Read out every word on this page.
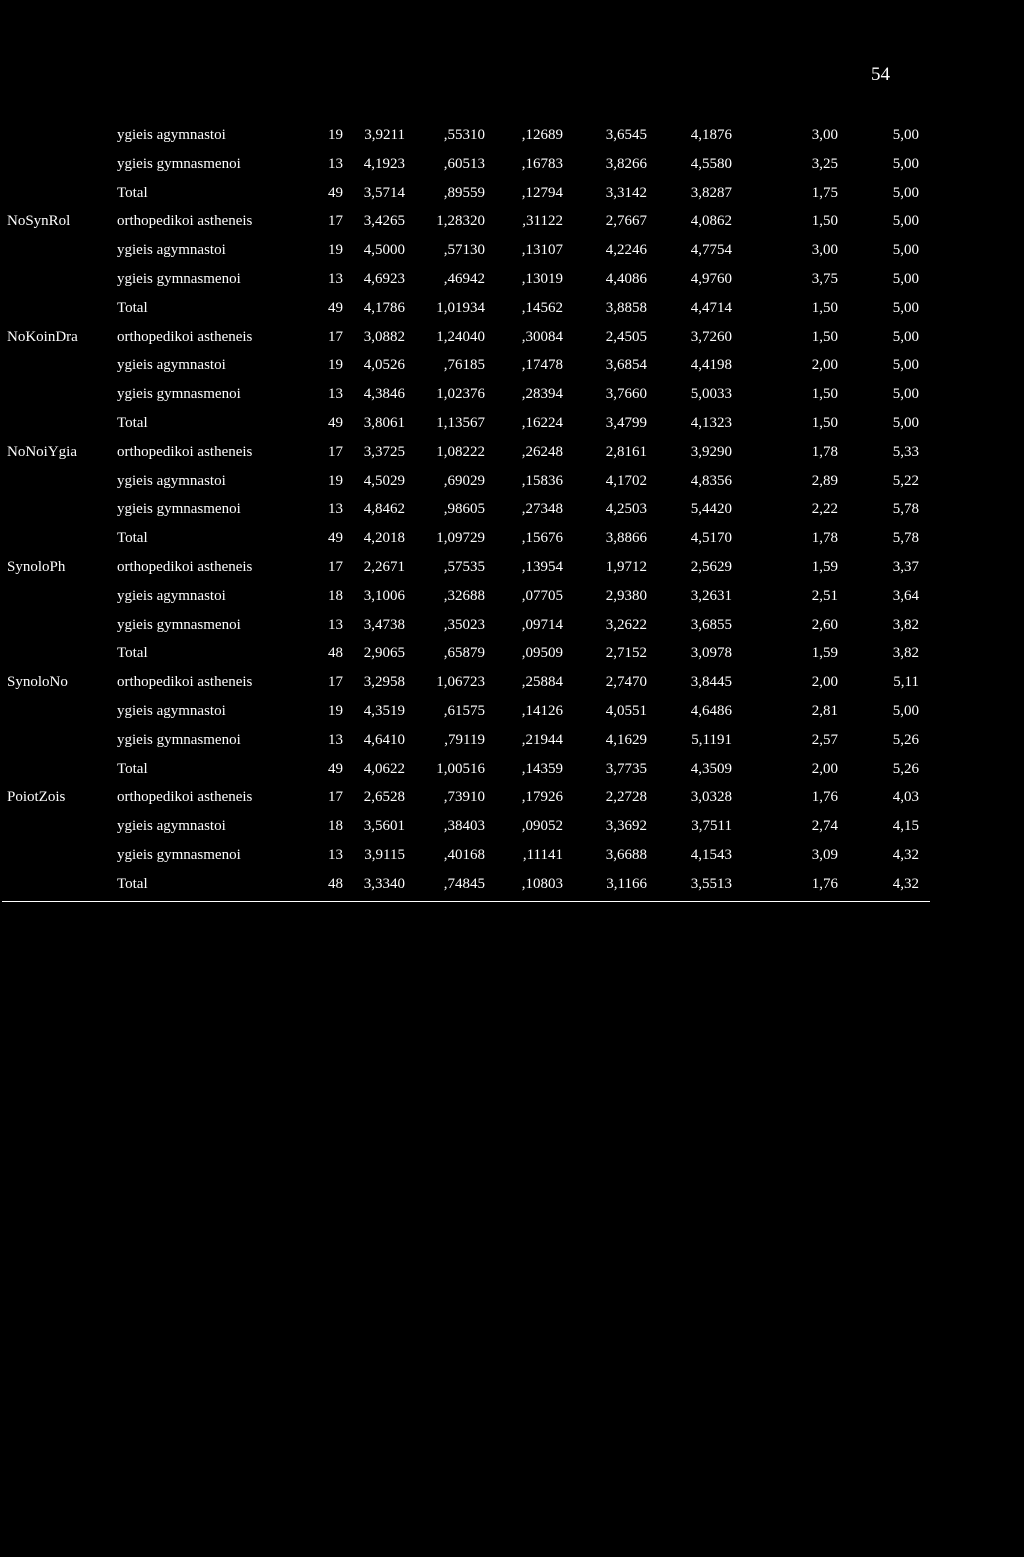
54
ygieis agymnastoi	19	3,9211	,55310	,12689	3,6545	4,1876	3,00	5,00
ygieis gymnasmenoi	13	4,1923	,60513	,16783	3,8266	4,5580	3,25	5,00
Total	49	3,5714	,89559	,12794	3,3142	3,8287	1,75	5,00
NoSynRol	orthopedikoi astheneis	17	3,4265	1,28320	,31122	2,7667	4,0862	1,50	5,00
ygieis agymnastoi	19	4,5000	,57130	,13107	4,2246	4,7754	3,00	5,00
ygieis gymnasmenoi	13	4,6923	,46942	,13019	4,4086	4,9760	3,75	5,00
Total	49	4,1786	1,01934	,14562	3,8858	4,4714	1,50	5,00
NoKoinDra	orthopedikoi astheneis	17	3,0882	1,24040	,30084	2,4505	3,7260	1,50	5,00
ygieis agymnastoi	19	4,0526	,76185	,17478	3,6854	4,4198	2,00	5,00
ygieis gymnasmenoi	13	4,3846	1,02376	,28394	3,7660	5,0033	1,50	5,00
Total	49	3,8061	1,13567	,16224	3,4799	4,1323	1,50	5,00
NoNoiYgia	orthopedikoi astheneis	17	3,3725	1,08222	,26248	2,8161	3,9290	1,78	5,33
ygieis agymnastoi	19	4,5029	,69029	,15836	4,1702	4,8356	2,89	5,22
ygieis gymnasmenoi	13	4,8462	,98605	,27348	4,2503	5,4420	2,22	5,78
Total	49	4,2018	1,09729	,15676	3,8866	4,5170	1,78	5,78
SynoloPh	orthopedikoi astheneis	17	2,2671	,57535	,13954	1,9712	2,5629	1,59	3,37
ygieis agymnastoi	18	3,1006	,32688	,07705	2,9380	3,2631	2,51	3,64
ygieis gymnasmenoi	13	3,4738	,35023	,09714	3,2622	3,6855	2,60	3,82
Total	48	2,9065	,65879	,09509	2,7152	3,0978	1,59	3,82
SynoloNo	orthopedikoi astheneis	17	3,2958	1,06723	,25884	2,7470	3,8445	2,00	5,11
ygieis agymnastoi	19	4,3519	,61575	,14126	4,0551	4,6486	2,81	5,00
ygieis gymnasmenoi	13	4,6410	,79119	,21944	4,1629	5,1191	2,57	5,26
Total	49	4,0622	1,00516	,14359	3,7735	4,3509	2,00	5,26
PoiotZois	orthopedikoi astheneis	17	2,6528	,73910	,17926	2,2728	3,0328	1,76	4,03
ygieis agymnastoi	18	3,5601	,38403	,09052	3,3692	3,7511	2,74	4,15
ygieis gymnasmenoi	13	3,9115	,40168	,11141	3,6688	4,1543	3,09	4,32
Total	48	3,3340	,74845	,10803	3,1166	3,5513	1,76	4,32
